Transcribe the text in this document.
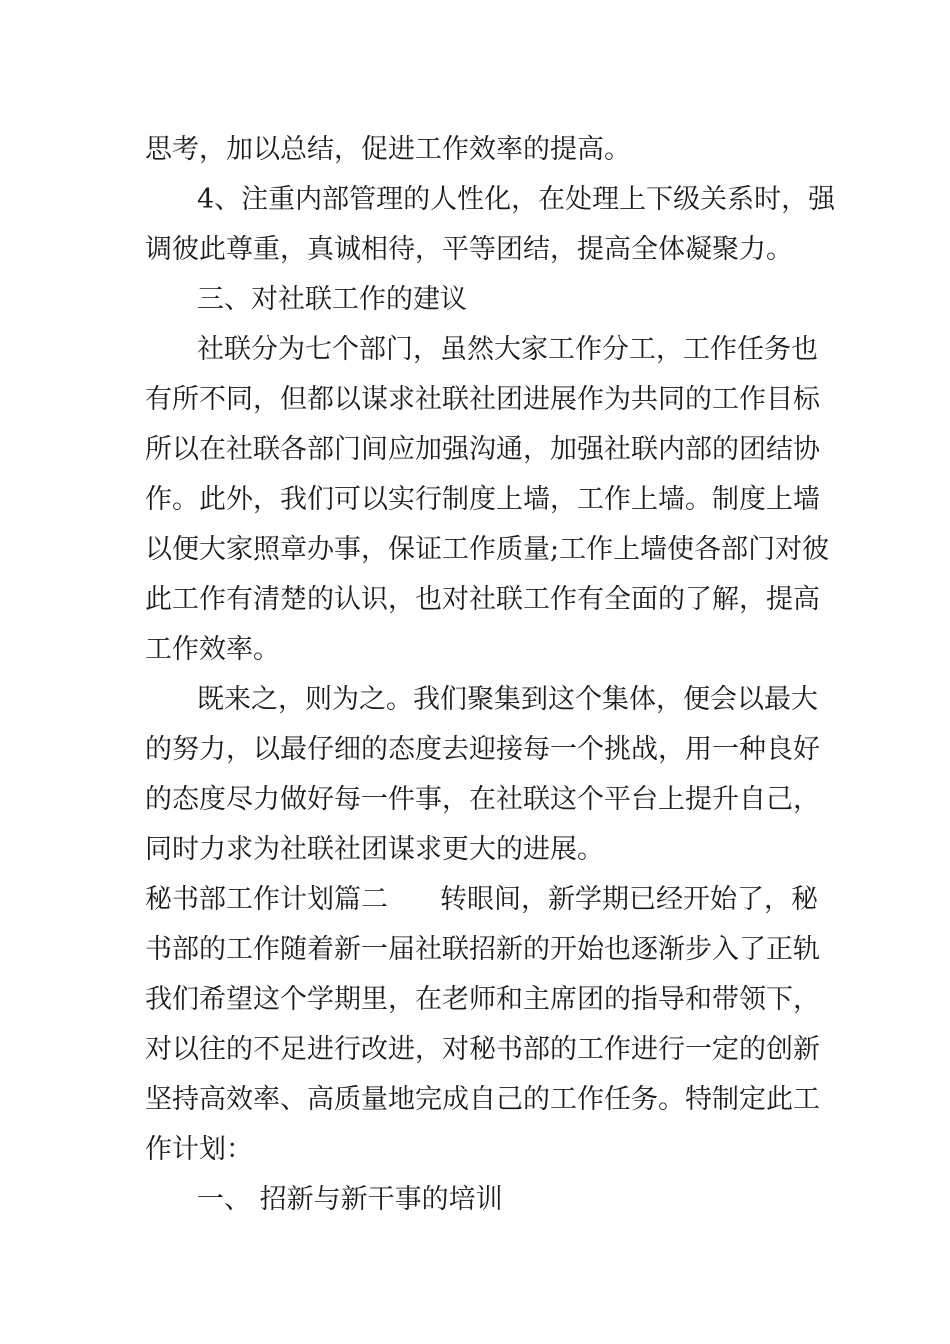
思考，加以总结，促进工作效率的提高。
4、注重内部管理的人性化，在处理上下级关系时，强
调彼此尊重，真诚相待，平等团结，提高全体凝聚力。
三、对社联工作的建议
社联分为七个部门，虽然大家工作分工，工作任务也
有所不同，但都以谋求社联社团进展作为共同的工作目标
所以在社联各部门间应加强沟通，加强社联内部的团结协
作。此外，我们可以实行制度上墙，工作上墙。制度上墙
以便大家照章办事，保证工作质量;工作上墙使各部门对彼
此工作有清楚的认识，也对社联工作有全面的了解，提高
工作效率。
既来之，则为之。我们聚集到这个集体，便会以最大
的努力，以最仔细的态度去迎接每一个挑战，用一种良好
的态度尽力做好每一件事，在社联这个平台上提升自己，
同时力求为社联社团谋求更大的进展。
秘书部工作计划篇二 转眼间，新学期已经开始了，秘
书部的工作随着新一届社联招新的开始也逐渐步入了正轨
我们希望这个学期里，在老师和主席团的指导和带领下，
对以往的不足进行改进，对秘书部的工作进行一定的创新
坚持高效率、高质量地完成自己的工作任务。特制定此工
作计划：
一、 招新与新干事的培训
